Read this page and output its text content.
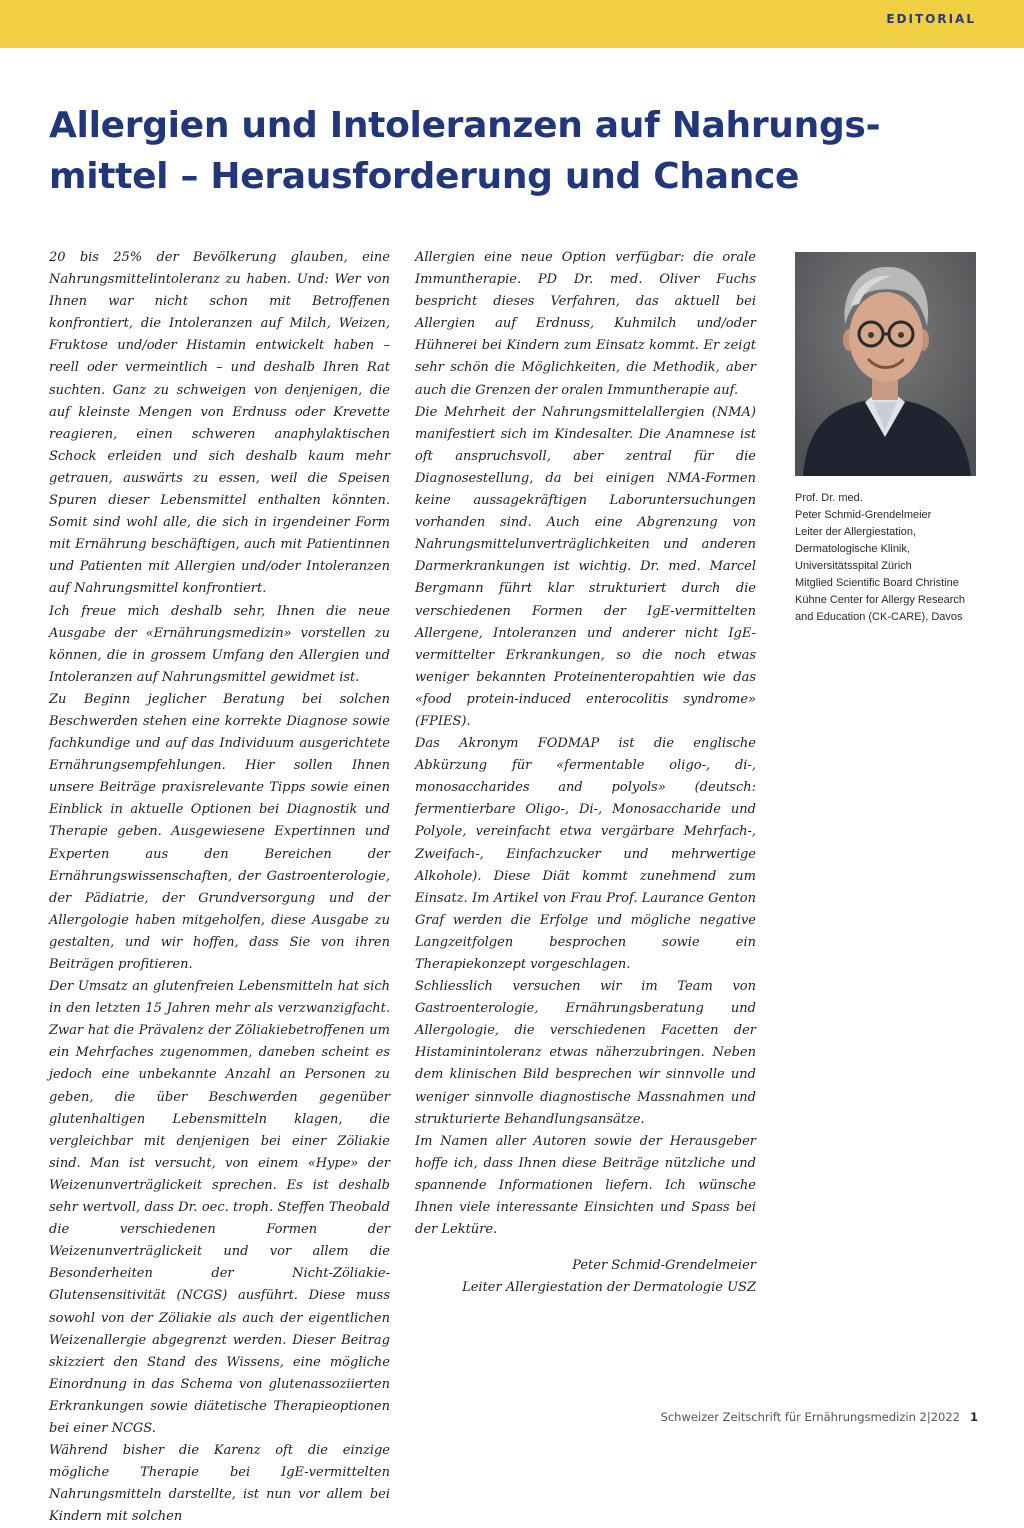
EDITORIAL
Allergien und Intoleranzen auf Nahrungs-
mittel – Herausforderung und Chance

20 bis 25% der Bevölkerung glauben, eine Nahrungsmittelintoleranz zu haben. Und: Wer von Ihnen war nicht schon mit Betroffenen konfrontiert, die Intoleranzen auf Milch, Weizen, Fruktose und/oder Histamin entwickelt haben – reell oder vermeintlich – und deshalb Ihren Rat suchten. Ganz zu schweigen von denjenigen, die auf kleinste Mengen von Erdnuss oder Krevette reagieren, einen schweren anaphylaktischen Schock erleiden und sich deshalb kaum mehr getrauen, auswärts zu essen, weil die Speisen Spuren dieser Lebensmittel enthalten könnten. Somit sind wohl alle, die sich in irgendeiner Form mit Ernährung beschäftigen, auch mit Patientinnen und Patienten mit Allergien und/oder Intoleranzen auf Nahrungsmittel konfrontiert.

Ich freue mich deshalb sehr, Ihnen die neue Ausgabe der «Ernährungsmedizin» vorstellen zu können, die in grossem Umfang den Allergien und Intoleranzen auf Nahrungsmittel gewidmet ist.

Zu Beginn jeglicher Beratung bei solchen Beschwerden stehen eine korrekte Diagnose sowie fachkundige und auf das Individuum ausgerichtete Ernährungsempfehlungen. Hier sollen Ihnen unsere Beiträge praxisrelevante Tipps sowie einen Einblick in aktuelle Optionen bei Diagnostik und Therapie geben. Ausgewiesene Expertinnen und Experten aus den Bereichen der Ernährungswissenschaften, der Gastroenterologie, der Pädiatrie, der Grundversorgung und der Allergologie haben mitgeholfen, diese Ausgabe zu gestalten, und wir hoffen, dass Sie von ihren Beiträgen profitieren.

Der Umsatz an glutenfreien Lebensmitteln hat sich in den letzten 15 Jahren mehr als verzwanzigfacht. Zwar hat die Prävalenz der Zöliakiebetroffenen um ein Mehrfaches zugenommen, daneben scheint es jedoch eine unbekannte Anzahl an Personen zu geben, die über Beschwerden gegenüber glutenhaltigen Lebensmitteln klagen, die vergleichbar mit denjenigen bei einer Zöliakie sind. Man ist versucht, von einem «Hype» der Weizenunverträglickeit sprechen. Es ist deshalb sehr wertvoll, dass Dr. oec. troph. Steffen Theobald die verschiedenen Formen der Weizenunverträglickeit und vor allem die Besonderheiten der Nicht-Zöliakie-Glutensensitivität (NCGS) ausführt. Diese muss sowohl von der Zöliakie als auch der eigentlichen Weizenallergie abgegrenzt werden. Dieser Beitrag skizziert den Stand des Wissens, eine mögliche Einordnung in das Schema von glutenassoziierten Erkrankungen sowie diätetische Therapieoptionen bei einer NCGS.

Während bisher die Karenz oft die einzige mögliche Therapie bei IgE-vermittelten Nahrungsmitteln darstellte, ist nun vor allem bei Kindern mit solchen

Allergien eine neue Option verfügbar: die orale Immuntherapie. PD Dr. med. Oliver Fuchs bespricht dieses Verfahren, das aktuell bei Allergien auf Erdnuss, Kuhmilch und/oder Hühnerei bei Kindern zum Einsatz kommt. Er zeigt sehr schön die Möglichkeiten, die Methodik, aber auch die Grenzen der oralen Immuntherapie auf.

Die Mehrheit der Nahrungsmittelallergien (NMA) manifestiert sich im Kindesalter. Die Anamnese ist oft anspruchsvoll, aber zentral für die Diagnosestellung, da bei einigen NMA-Formen keine aussagekräftigen Laboruntersuchungen vorhanden sind. Auch eine Abgrenzung von Nahrungsmittelunverträglichkeiten und anderen Darmerkrankungen ist wichtig. Dr. med. Marcel Bergmann führt klar strukturiert durch die verschiedenen Formen der IgE-vermittelten Allergene, Intoleranzen und anderer nicht IgE-vermittelter Erkrankungen, so die noch etwas weniger bekannten Proteinenteropahtien wie das «food protein-induced enterocolitis syndrome» (FPIES).

Das Akronym FODMAP ist die englische Abkürzung für «fermentable oligo-, di-, monosaccharides and polyols» (deutsch: fermentierbare Oligo-, Di-, Monosaccharide und Polyole, vereinfacht etwa vergärbare Mehrfach-, Zweifach-, Einfachzucker und mehrwertige Alkohole). Diese Diät kommt zunehmend zum Einsatz. Im Artikel von Frau Prof. Laurance Genton Graf werden die Erfolge und mögliche negative Langzeitfolgen besprochen sowie ein Therapiekonzept vorgeschlagen.

Schliesslich versuchen wir im Team von Gastroenterologie, Ernährungsberatung und Allergologie, die verschiedenen Facetten der Histaminintoleranz etwas näherzubringen. Neben dem klinischen Bild besprechen wir sinnvolle und weniger sinnvolle diagnostische Massnahmen und strukturierte Behandlungsansätze.

Im Namen aller Autoren sowie der Herausgeber hoffe ich, dass Ihnen diese Beiträge nützliche und spannende Informationen liefern. Ich wünsche Ihnen viele interessante Einsichten und Spass bei der Lektüre.

Peter Schmid-Grendelmeier
Leiter Allergiestation der Dermatologie USZ

Prof. Dr. med.
Peter Schmid-Grendelmeier
Leiter der Allergiestation,
Dermatologische Klinik,
Universitätsspital Zürich
Mitglied Scientific Board Christine
Kühne Center for Allergy Research
and Education (CK-CARE), Davos
Schweizer Zeitschrift für Ernährungsmedizin 2|2022 1
